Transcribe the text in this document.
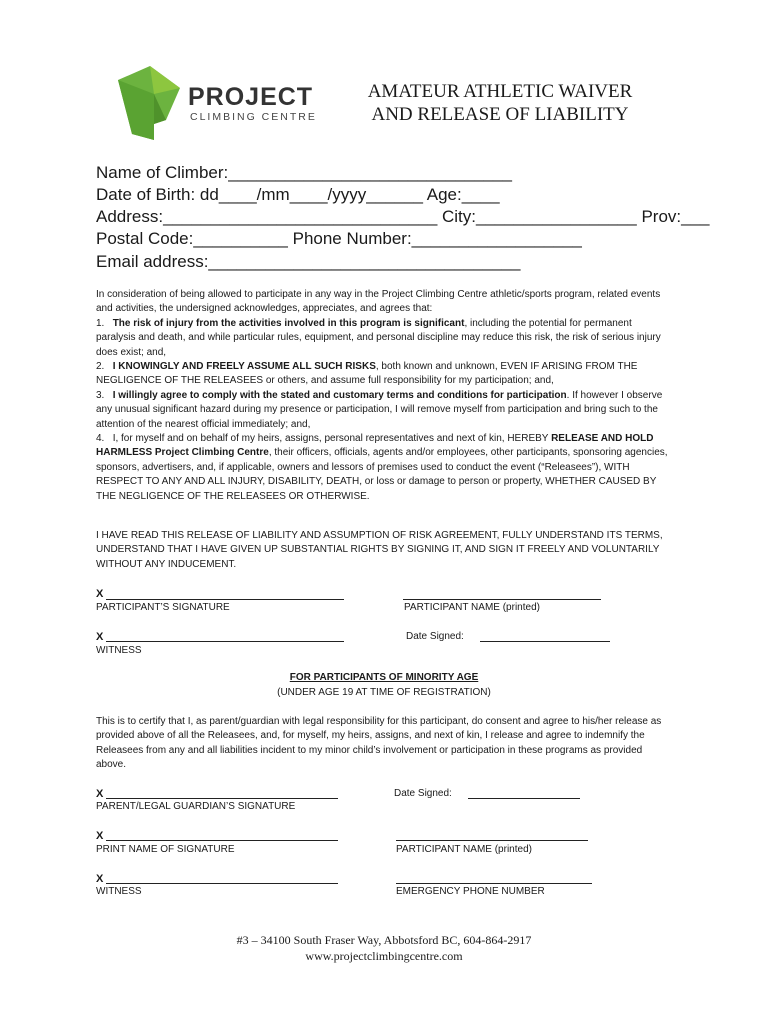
PROJECT
CLIMBING CENTRE
AMATEUR ATHLETIC WAIVER
AND RELEASE OF LIABILITY
Name of Climber:______________________________
Date of Birth: dd____/mm____/yyyy______ Age:____
Address:_____________________________ City:_________________ Prov:___
Postal Code:__________ Phone Number:__________________
Email address:_________________________________

In consideration of being allowed to participate in any way in the Project Climbing Centre athletic/sports program, related events and activities, the undersigned acknowledges, appreciates, and agrees that:

1. The risk of injury from the activities involved in this program is significant, including the potential for permanent paralysis and death, and while particular rules, equipment, and personal discipline may reduce this risk, the risk of serious injury does exist; and,

2. I KNOWINGLY AND FREELY ASSUME ALL SUCH RISKS, both known and unknown, EVEN IF ARISING FROM THE NEGLIGENCE OF THE RELEASEES or others, and assume full responsibility for my participation; and,

3. I willingly agree to comply with the stated and customary terms and conditions for participation. If however I observe any unusual significant hazard during my presence or participation, I will remove myself from participation and bring such to the attention of the nearest official immediately; and,

4. I, for myself and on behalf of my heirs, assigns, personal representatives and next of kin, HEREBY RELEASE AND HOLD HARMLESS Project Climbing Centre, their officers, officials, agents and/or employees, other participants, sponsoring agencies, sponsors, advertisers, and, if applicable, owners and lessors of premises used to conduct the event (“Releasees”), WITH RESPECT TO ANY AND ALL INJURY, DISABILITY, DEATH, or loss or damage to person or property, WHETHER CAUSED BY THE NEGLIGENCE OF THE RELEASEES OR OTHERWISE.

I HAVE READ THIS RELEASE OF LIABILITY AND ASSUMPTION OF RISK AGREEMENT, FULLY UNDERSTAND ITS TERMS, UNDERSTAND THAT I HAVE GIVEN UP SUBSTANTIAL RIGHTS BY SIGNING IT, AND SIGN IT FREELY AND VOLUNTARILY WITHOUT ANY INDUCEMENT.
X
PARTICIPANT’S SIGNATURE	PARTICIPANT NAME (printed)
X
WITNESS
Date Signed:
FOR PARTICIPANTS OF MINORITY AGE
(UNDER AGE 19 AT TIME OF REGISTRATION)
This is to certify that I, as parent/guardian with legal responsibility for this participant, do consent and agree to his/her release as provided above of all the Releasees, and, for myself, my heirs, assigns, and next of kin, I release and agree to indemnify the Releasees from any and all liabilities incident to my minor child’s involvement or participation in these programs as provided above.
X
PARENT/LEGAL GUARDIAN’S SIGNATURE
Date Signed:
X
PRINT NAME OF SIGNATURE	PARTICIPANT NAME (printed)
X
WITNESS	EMERGENCY PHONE NUMBER
#3 – 34100 South Fraser Way, Abbotsford BC, 604-864-2917
www.projectclimbingcentre.com
